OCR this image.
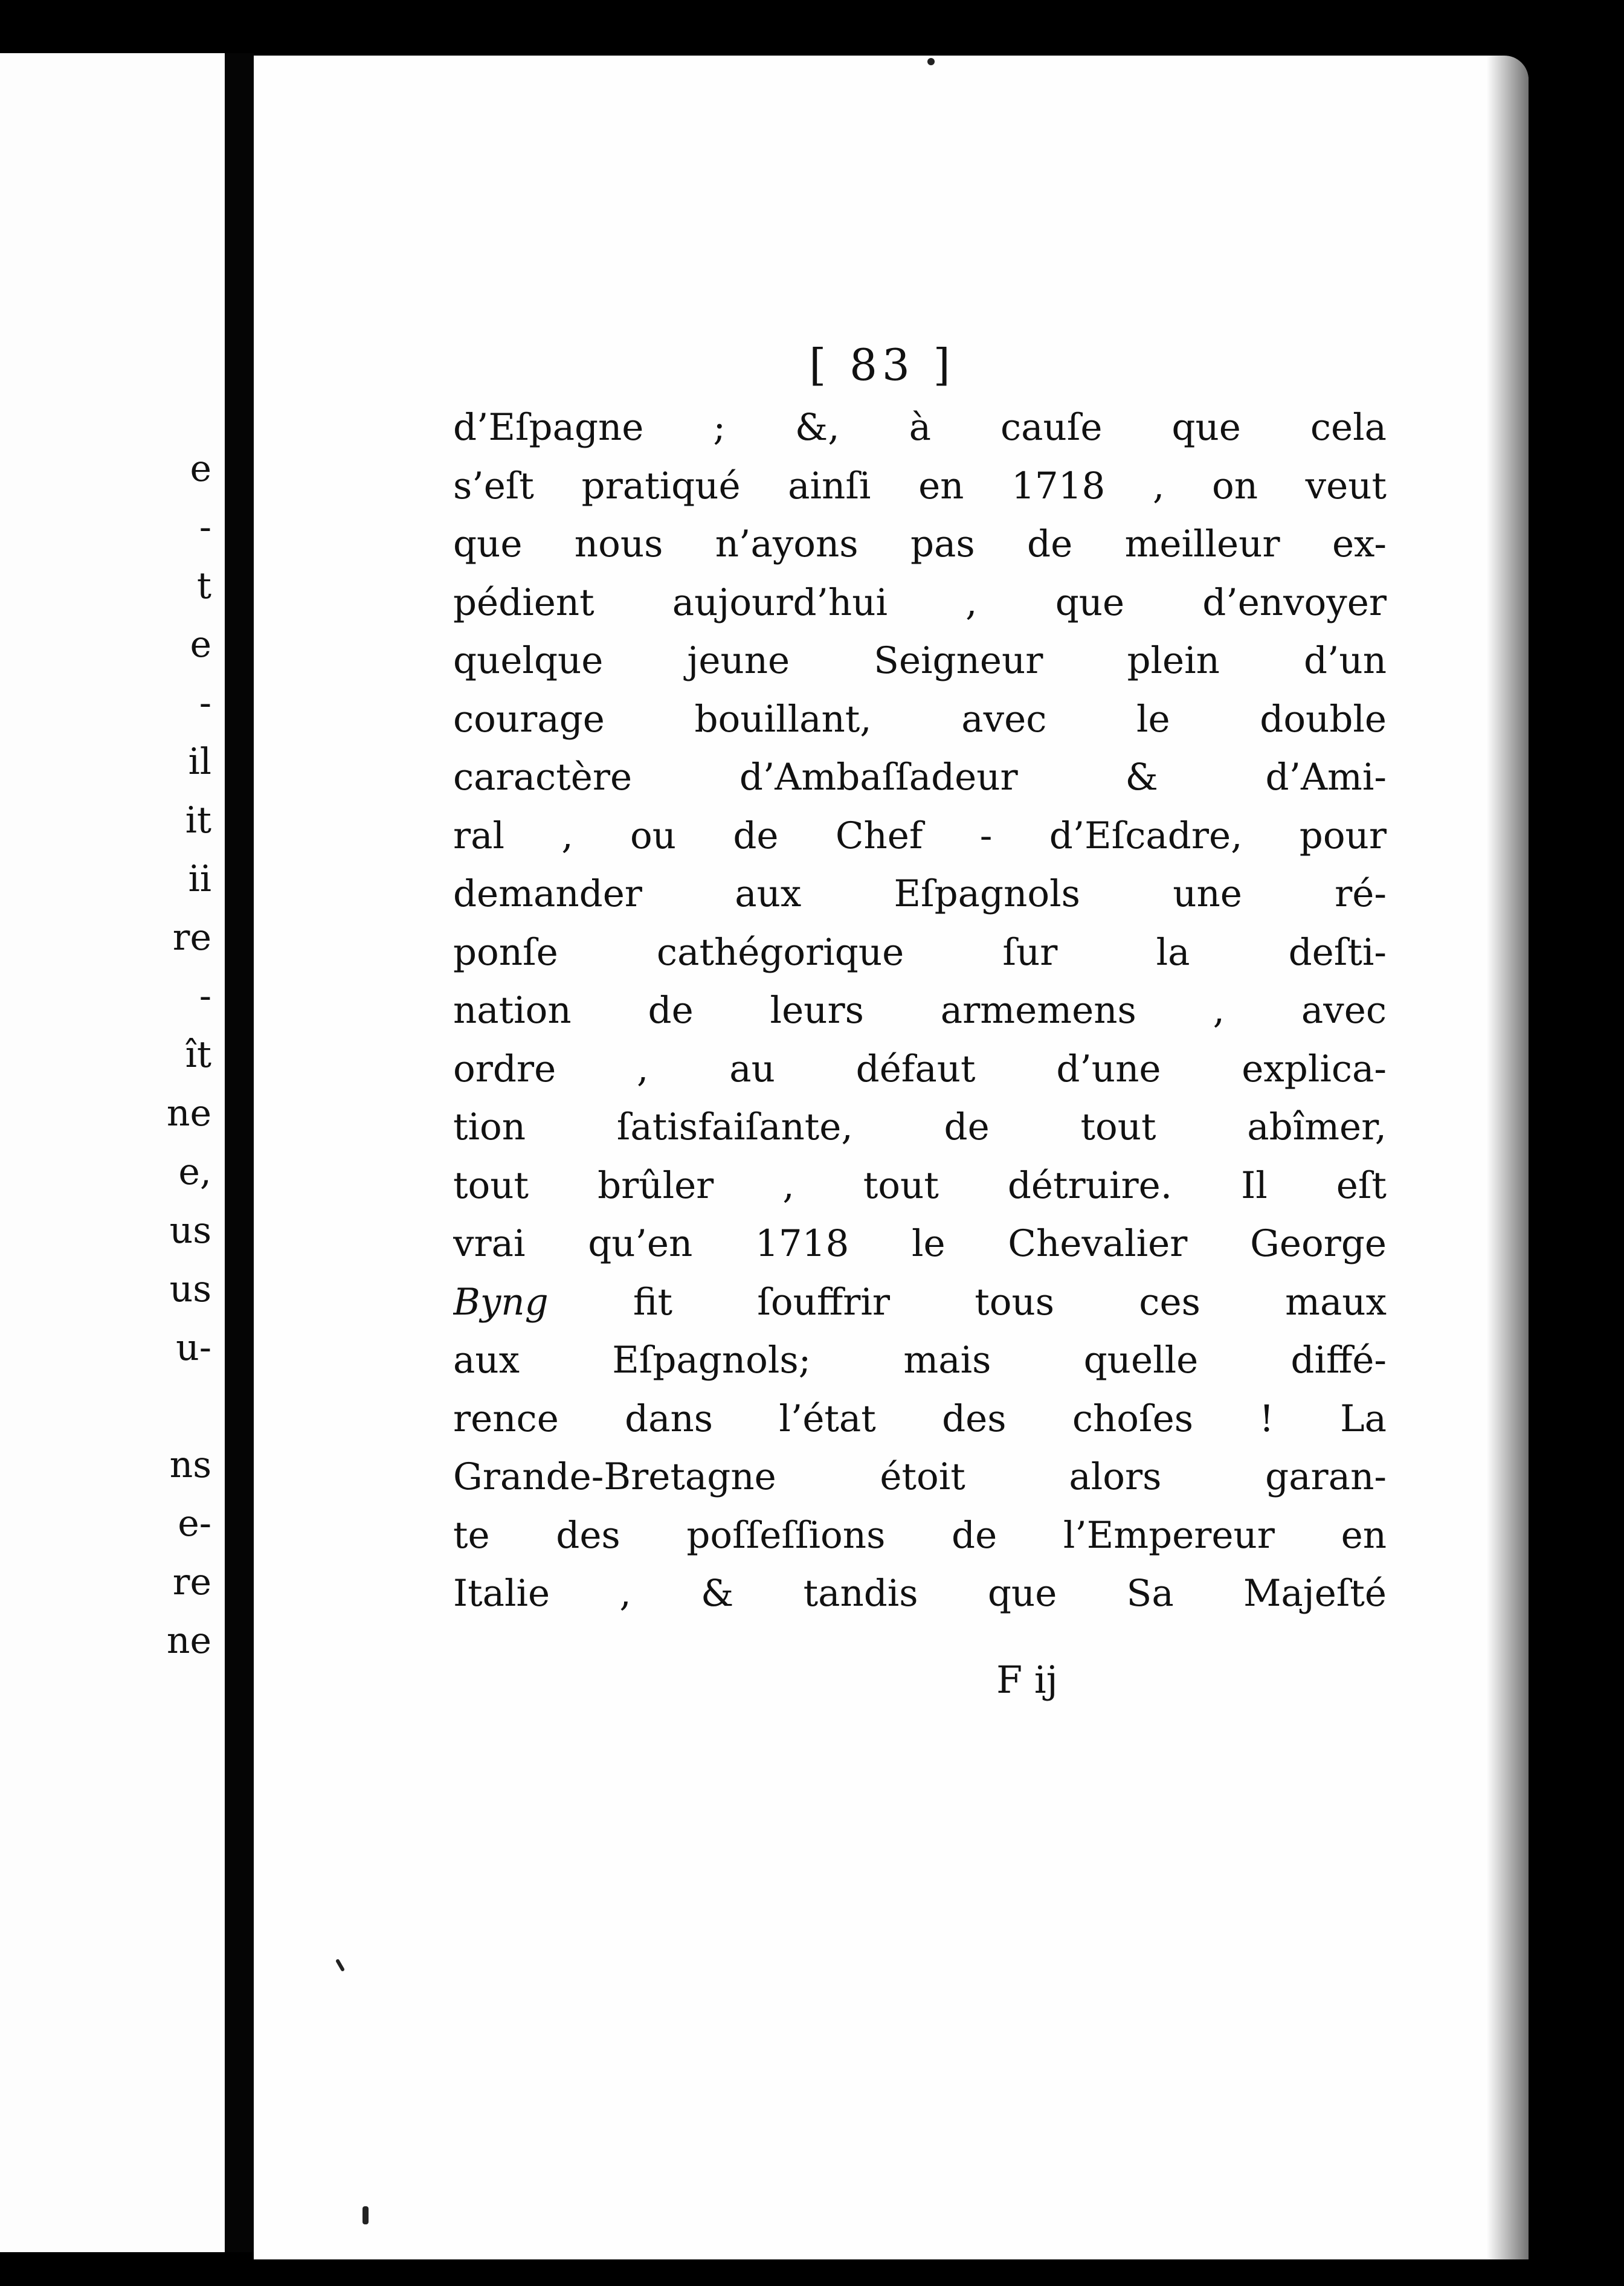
e
-
t
e
-
il
it
ii
re
-
ît
ne
e,
us
us
u-
ns
e-
re
ne
[ 83 ]
d’Eſpagne ; &, à cauſe que cela
s’eſt pratiqué ainſi en 1718 , on veut
que nous n’ayons pas de meilleur ex-
pédient aujourd’hui , que d’envoyer
quelque jeune Seigneur plein d’un
courage bouillant, avec le double
caractère d’Ambaſſadeur & d’Ami-
ral , ou de Chef - d’Eſcadre, pour
demander aux Eſpagnols une ré-
ponſe cathégorique ſur la deſti-
nation de leurs armemens , avec
ordre , au défaut d’une explica-
tion ſatisfaiſante, de tout abîmer,
tout brûler , tout détruire. Il eſt
vrai qu’en 1718 le Chevalier George
Byng fit ſouffrir tous ces maux
aux Eſpagnols; mais quelle diffé-
rence dans l’état des choſes ! La
Grande-Bretagne étoit alors garan-
te des poſſeſſions de l’Empereur en
Italie , & tandis que Sa Majeſté
F ij
